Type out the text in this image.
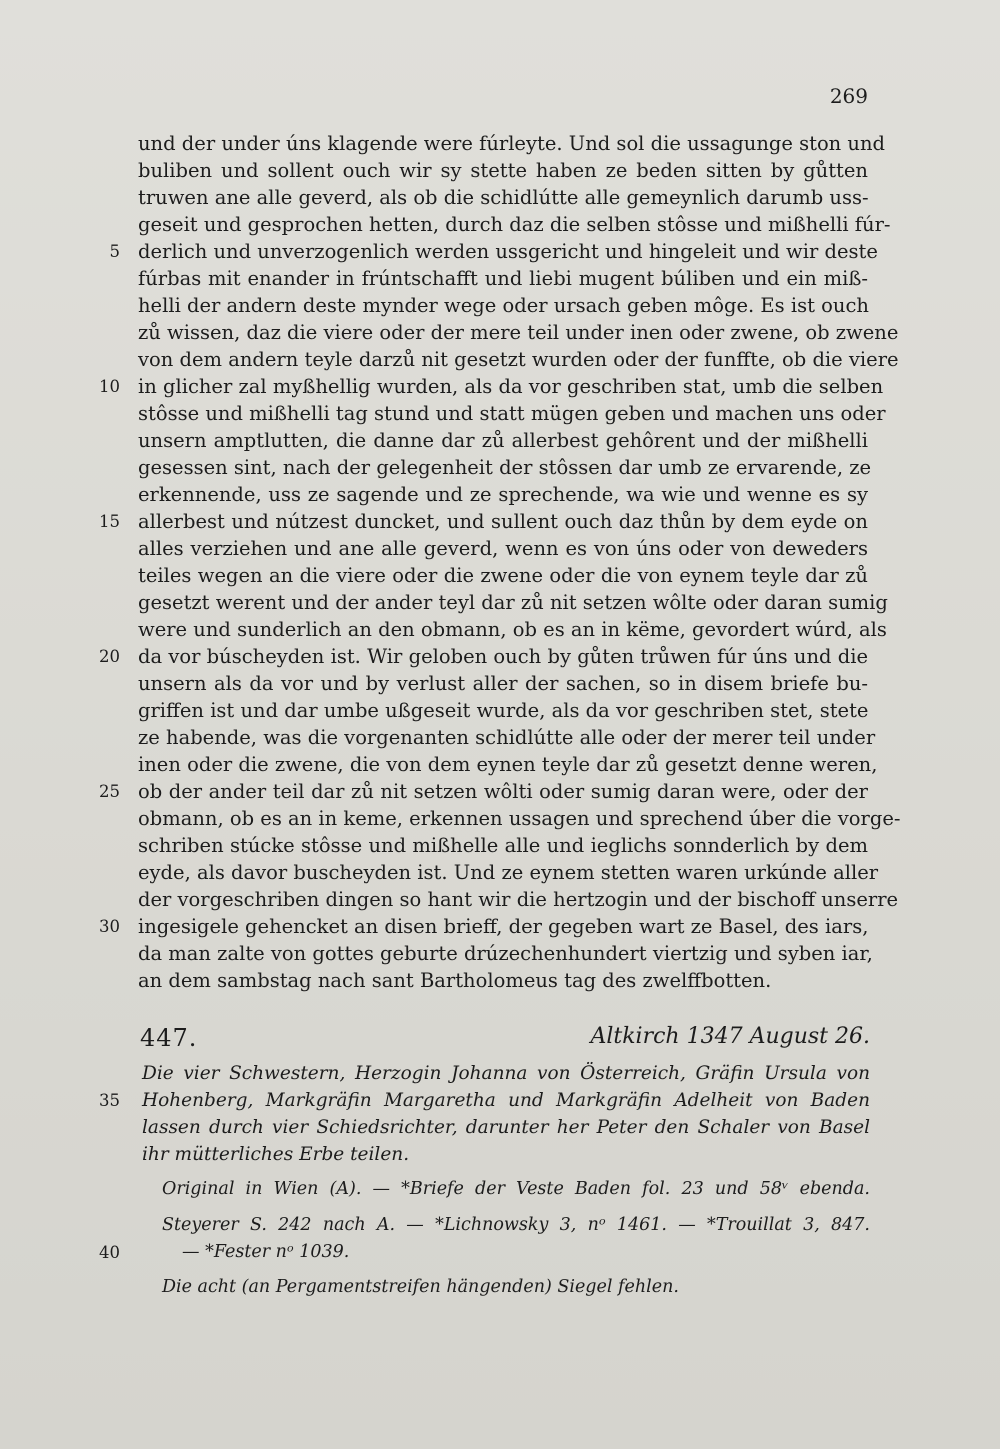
269
und der under úns klagende were fúrleyte. Und sol die ussagunge ston und
buliben und sollent ouch wir sy stette haben ze beden sitten by gůtten
truwen ane alle geverd, als ob die schidlútte alle gemeynlich darumb uss-
geseit und gesprochen hetten, durch daz die selben stôsse und mißhelli fúr-
derlich und unverzogenlich werden ussgericht und hingeleit und wir deste
fúrbas mit enander in frúntschafft und liebi mugent búliben und ein miß-
helli der andern deste mynder wege oder ursach geben môge. Es ist ouch
zů wissen, daz die viere oder der mere teil under inen oder zwene, ob zwene
von dem andern teyle darzů nit gesetzt wurden oder der funffte, ob die viere
in glicher zal myßhellig wurden, als da vor geschriben stat, umb die selben
stôsse und mißhelli tag stund und statt mügen geben und machen uns oder
unsern amptlutten, die danne dar zů allerbest gehôrent und der mißhelli
gesessen sint, nach der gelegenheit der stôssen dar umb ze ervarende, ze
erkennende, uss ze sagende und ze sprechende, wa wie und wenne es sy
allerbest und nútzest duncket, und sullent ouch daz thůn by dem eyde on
alles verziehen und ane alle geverd, wenn es von úns oder von deweders
teiles wegen an die viere oder die zwene oder die von eynem teyle dar zů
gesetzt werent und der ander teyl dar zů nit setzen wôlte oder daran sumig
were und sunderlich an den obmann, ob es an in këme, gevordert wúrd, als
da vor búscheyden ist. Wir geloben ouch by gůten trůwen fúr úns und die
unsern als da vor und by verlust aller der sachen, so in disem briefe bu-
griffen ist und dar umbe ußgeseit wurde, als da vor geschriben stet, stete
ze habende, was die vorgenanten schidlútte alle oder der merer teil under
inen oder die zwene, die von dem eynen teyle dar zů gesetzt denne weren,
ob der ander teil dar zů nit setzen wôlti oder sumig daran were, oder der
obmann, ob es an in keme, erkennen ussagen und sprechend úber die vorge-
schriben stúcke stôsse und mißhelle alle und ieglichs sonnderlich by dem
eyde, als davor buscheyden ist. Und ze eynem stetten waren urkúnde aller
der vorgeschriben dingen so hant wir die hertzogin und der bischoff unserre
ingesigele gehencket an disen brieff, der gegeben wart ze Basel, des iars,
da man zalte von gottes geburte drúzechenhundert viertzig und syben iar,
an dem sambstag nach sant Bartholomeus tag des zwelffbotten.
5
10
15
20
25
30
35
40
447.	Altkirch 1347 August 26.
Die vier Schwestern, Herzogin Johanna von Österreich, Gräfin Ursula von
Hohenberg, Markgräfin Margaretha und Markgräfin Adelheit von Baden
lassen durch vier Schiedsrichter, darunter her Peter den Schaler von Basel
ihr mütterliches Erbe teilen.
Original in Wien (A). — *Briefe der Veste Baden fol. 23 und 58ᵛ ebenda.
Steyerer S. 242 nach A. — *Lichnowsky 3, nᵒ 1461. — *Trouillat 3, 847.
— *Fester nᵒ 1039.
Die acht (an Pergamentstreifen hängenden) Siegel fehlen.
